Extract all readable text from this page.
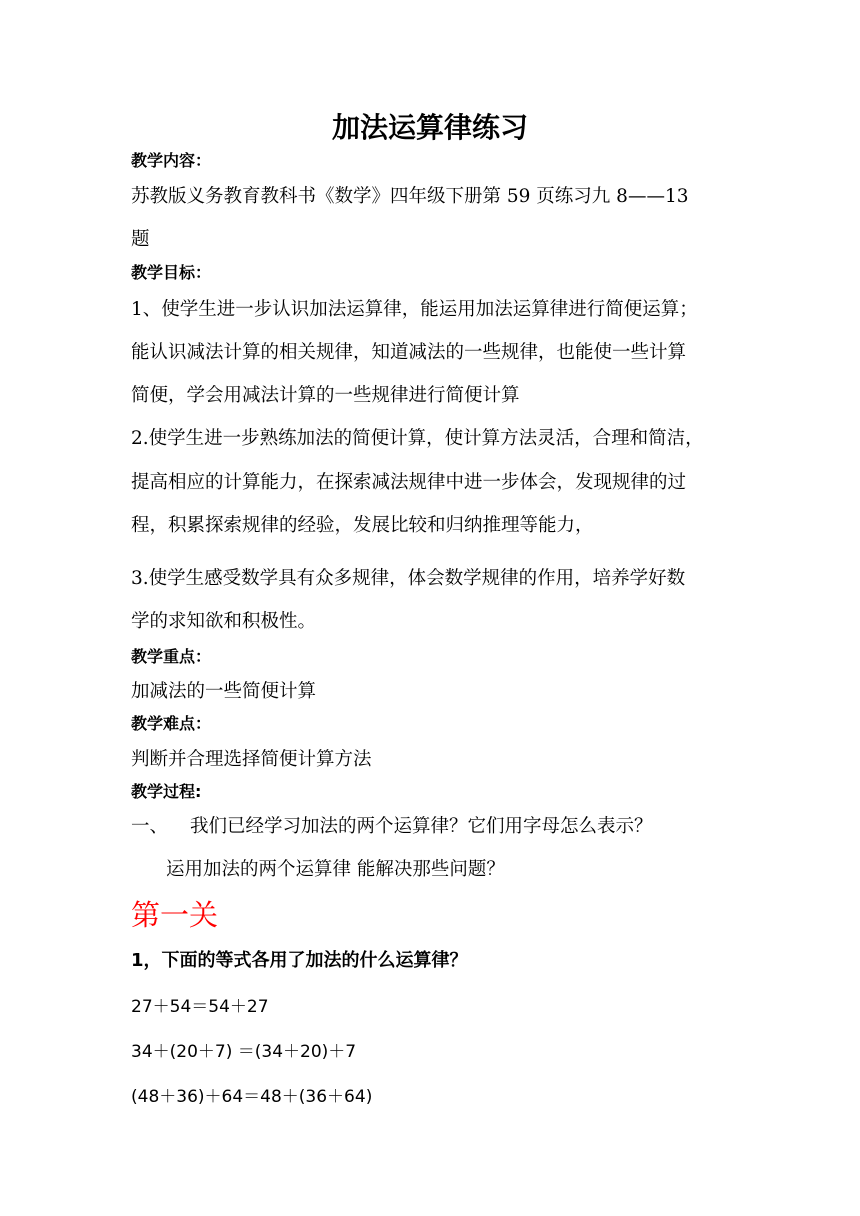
加法运算律练习
教学内容：
苏教版义务教育教科书《数学》四年级下册第 59 页练习九 8——13
题
教学目标：
1、使学生进一步认识加法运算律，能运用加法运算律进行简便运算；
能认识减法计算的相关规律，知道减法的一些规律，也能使一些计算
简便，学会用减法计算的一些规律进行简便计算
2.使学生进一步熟练加法的简便计算，使计算方法灵活，合理和简洁，
提高相应的计算能力，在探索减法规律中进一步体会，发现规律的过
程，积累探索规律的经验，发展比较和归纳推理等能力，
3.使学生感受数学具有众多规律，体会数学规律的作用，培养学好数
学的求知欲和积极性。
教学重点：
加减法的一些简便计算
教学难点：
判断并合理选择简便计算方法
教学过程:
一、 我们已经学习加法的两个运算律？它们用字母怎么表示？
运用加法的两个运算律 能解决那些问题？
第一关
1，下面的等式各用了加法的什么运算律？
27＋54＝54＋27
34＋(20＋7) ＝(34＋20)＋7
(48＋36)＋64＝48＋(36＋64)
